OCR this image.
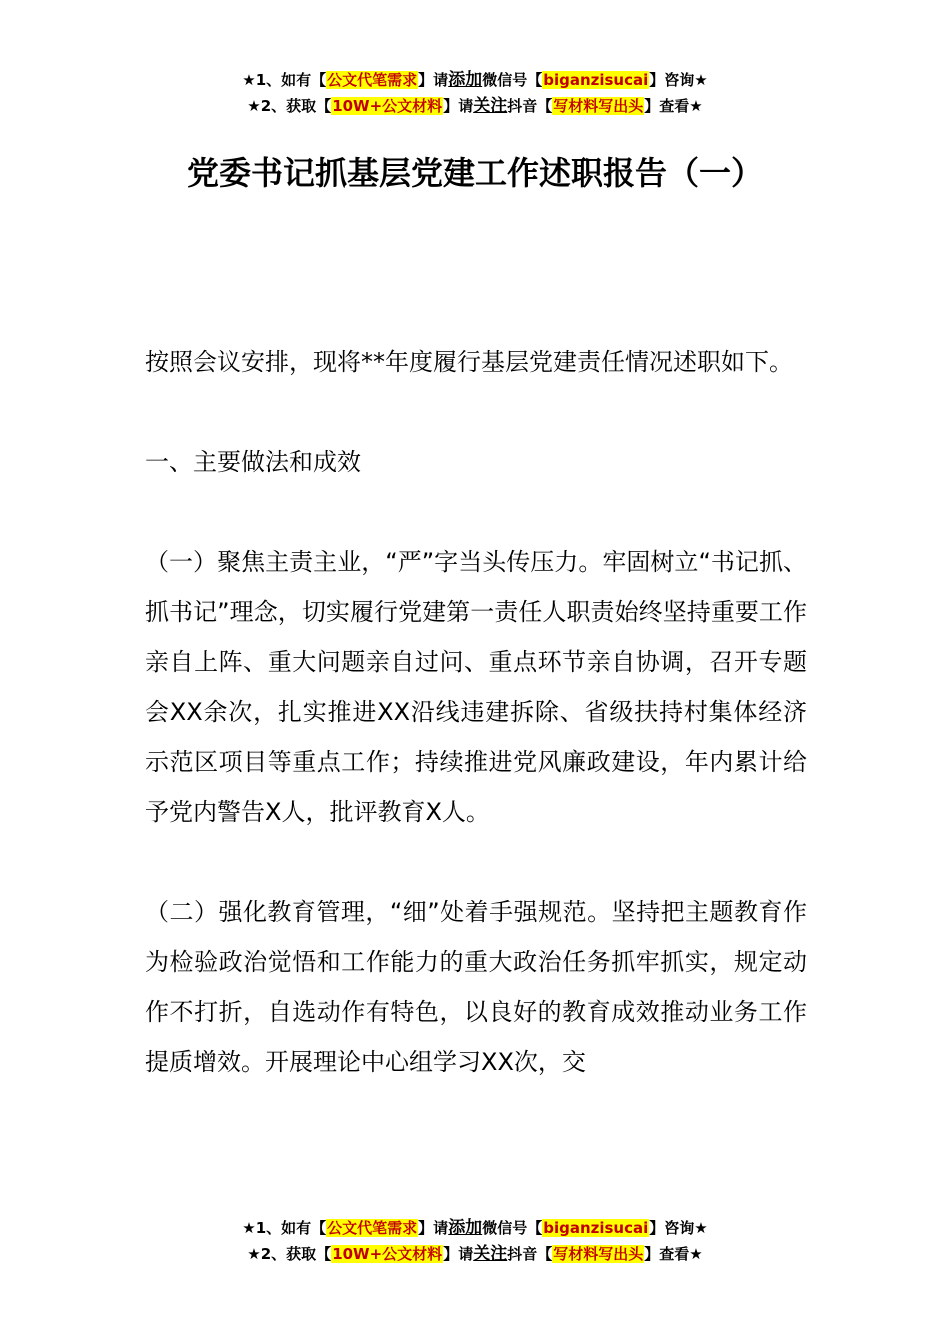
★1、如有【公文代笔需求】请添加微信号【biganzisucai】咨询★
★2、获取【10W+公文材料】请关注抖音【写材料写出头】查看★
党委书记抓基层党建工作述职报告（一）

按照会议安排，现将**年度履行基层党建责任情况述职如下。

一、主要做法和成效

（一）聚焦主责主业，“严”字当头传压力。牢固树立“书记抓、抓书记”理念，切实履行党建第一责任人职责始终坚持重要工作亲自上阵、重大问题亲自过问、重点环节亲自协调，召开专题会XX余次，扎实推进XX沿线违建拆除、省级扶持村集体经济示范区项目等重点工作；持续推进党风廉政建设，年内累计给予党内警告X人，批评教育X人。

（二）强化教育管理，“细”处着手强规范。坚持把主题教育作为检验政治觉悟和工作能力的重大政治任务抓牢抓实，规定动作不打折，自选动作有特色，以良好的教育成效推动业务工作提质增效。开展理论中心组学习XX次，交

★1、如有【公文代笔需求】请添加微信号【biganzisucai】咨询★
★2、获取【10W+公文材料】请关注抖音【写材料写出头】查看★
